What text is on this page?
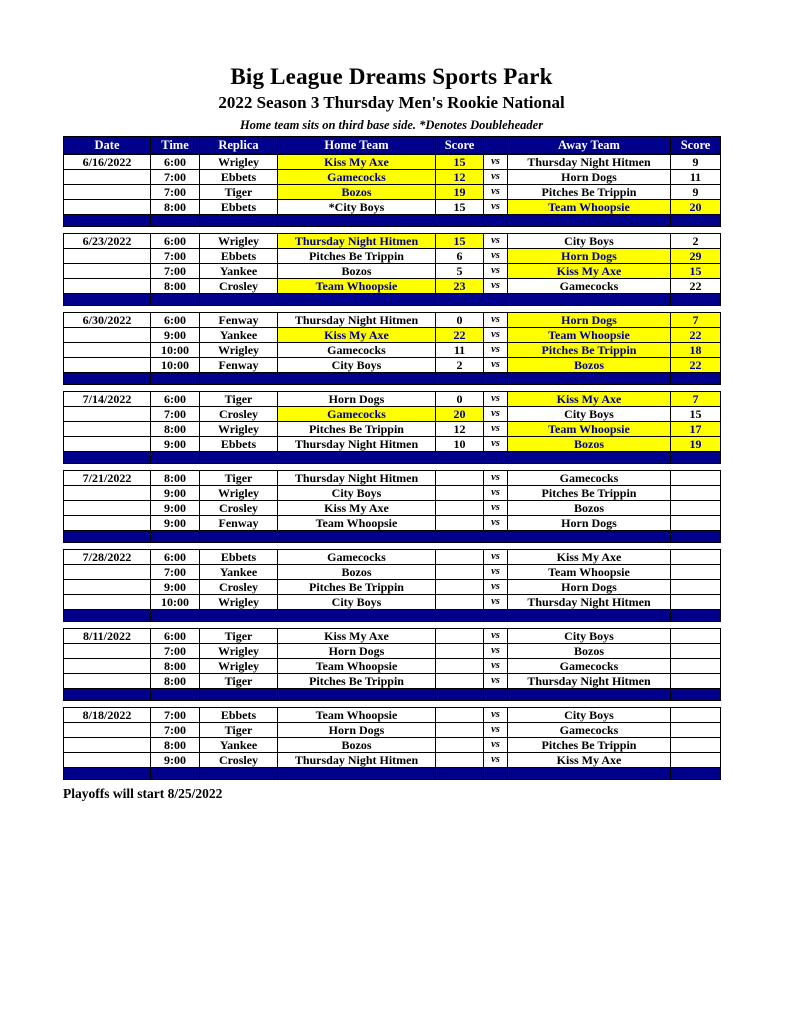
Big League Dreams Sports Park
2022 Season 3 Thursday Men's Rookie National
Home team sits on third base side. *Denotes Doubleheader
Date	Time	Replica	Home Team	Score		Away Team	Score
6/16/2022	6:00	Wrigley	Kiss My Axe	15	vs	Thursday Night Hitmen	9
	7:00	Ebbets	Gamecocks	12	vs	Horn Dogs	11
	7:00	Tiger	Bozos	19	vs	Pitches Be Trippin	9
	8:00	Ebbets	*City Boys	15	vs	Team Whoopsie	20

6/23/2022	6:00	Wrigley	Thursday Night Hitmen	15	vs	City Boys	2
	7:00	Ebbets	Pitches Be Trippin	6	vs	Horn Dogs	29
	7:00	Yankee	Bozos	5	vs	Kiss My Axe	15
	8:00	Crosley	Team Whoopsie	23	vs	Gamecocks	22

6/30/2022	6:00	Fenway	Thursday Night Hitmen	0	vs	Horn Dogs	7
	9:00	Yankee	Kiss My Axe	22	vs	Team Whoopsie	22
	10:00	Wrigley	Gamecocks	11	vs	Pitches Be Trippin	18
	10:00	Fenway	City Boys	2	vs	Bozos	22

7/14/2022	6:00	Tiger	Horn Dogs	0	vs	Kiss My Axe	7
	7:00	Crosley	Gamecocks	20	vs	City Boys	15
	8:00	Wrigley	Pitches Be Trippin	12	vs	Team Whoopsie	17
	9:00	Ebbets	Thursday Night Hitmen	10	vs	Bozos	19

7/21/2022	8:00	Tiger	Thursday Night Hitmen		vs	Gamecocks	
	9:00	Wrigley	City Boys		vs	Pitches Be Trippin	
	9:00	Crosley	Kiss My Axe		vs	Bozos	
	9:00	Fenway	Team Whoopsie		vs	Horn Dogs	

7/28/2022	6:00	Ebbets	Gamecocks		vs	Kiss My Axe	
	7:00	Yankee	Bozos		vs	Team Whoopsie	
	9:00	Crosley	Pitches Be Trippin		vs	Horn Dogs	
	10:00	Wrigley	City Boys		vs	Thursday Night Hitmen	

8/11/2022	6:00	Tiger	Kiss My Axe		vs	City Boys	
	7:00	Wrigley	Horn Dogs		vs	Bozos	
	8:00	Wrigley	Team Whoopsie		vs	Gamecocks	
	8:00	Tiger	Pitches Be Trippin		vs	Thursday Night Hitmen	

8/18/2022	7:00	Ebbets	Team Whoopsie		vs	City Boys	
	7:00	Tiger	Horn Dogs		vs	Gamecocks	
	8:00	Yankee	Bozos		vs	Pitches Be Trippin	
	9:00	Crosley	Thursday Night Hitmen		vs	Kiss My Axe	

Playoffs will start 8/25/2022
